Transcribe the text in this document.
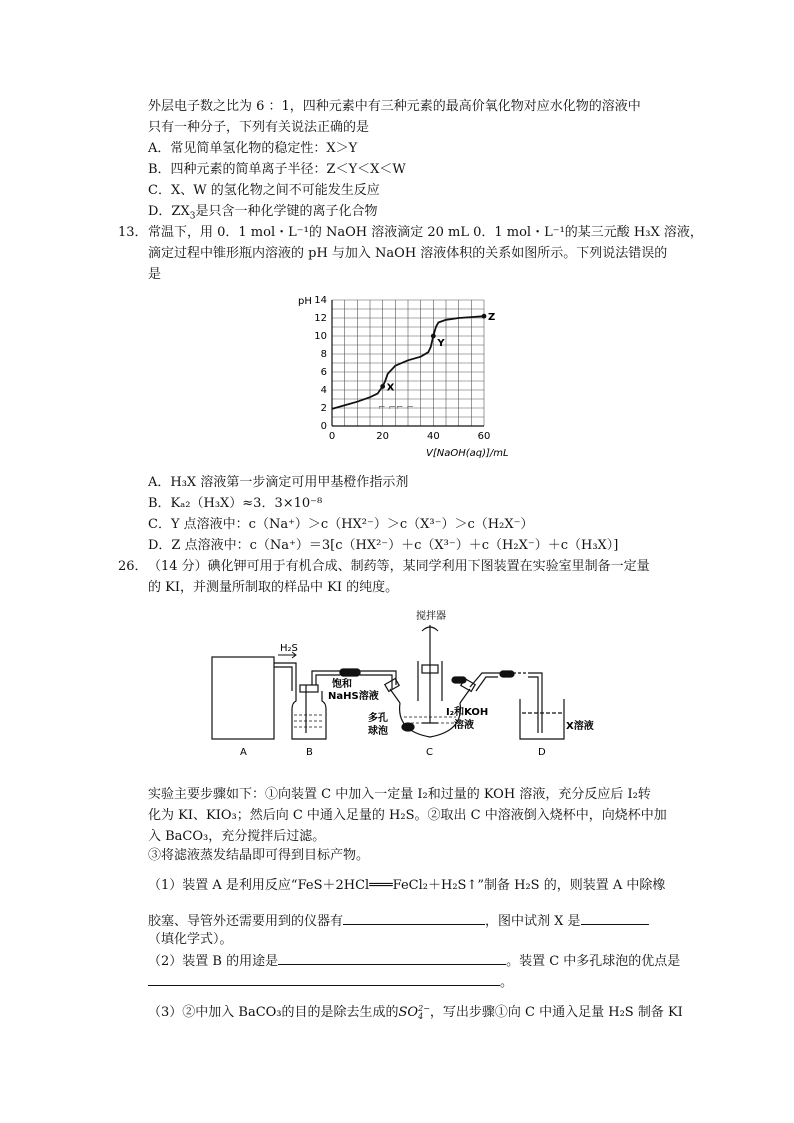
外层电子数之比为 6 ：1，四种元素中有三种元素的最高价氧化物对应水化物的溶液中
只有一种分子，下列有关说法正确的是
A．常见简单氢化物的稳定性：X＞Y
B．四种元素的简单离子半径：Z＜Y＜X＜W
C．X、W 的氢化物之间不可能发生反应
D．$ZX_3$是只含一种化学键的离子化合物
13． 常温下，用 0．1 mol・L⁻¹的 NaOH 溶液滴定 20 mL 0．1 mol・L⁻¹的某三元酸 H₃X 溶液，
滴定过程中锥形瓶内溶液的 pH 与加入 NaOH 溶液体积的关系如图所示。下列说法错误的
是
0
2
4
6
8
10
12
14
0	20	40	60
X
Y
Z
pH
V[NaOH(aq)]/mL
⌐ ⌐⌐ ⌐
A．H₃X 溶液第一步滴定可用甲基橙作指示剂
B．Kₐ₂（H₃X）≈3．3×10⁻⁸
C．Y 点溶液中：c（Na⁺）＞c（HX²⁻）＞c（X³⁻）＞c（H₂X⁻）
D．Z 点溶液中：c（Na⁺）＝3[c（HX²⁻）＋c（X³⁻）＋c（H₂X⁻）＋c（H₃X）]
26． （14 分）碘化钾可用于有机合成、制药等，某同学利用下图装置在实验室里制备一定量
的 KI，并测量所制取的样品中 KI 的纯度。
搅拌器
H₂S
饱和
NaHS溶液
I₂和KOH
溶液
多孔
球泡	X溶液
A	B	C	D
实验主要步骤如下：①向装置 C 中加入一定量 I₂和过量的 KOH 溶液，充分反应后 I₂转
化为 KI、KIO₃；然后向 C 中通入足量的 H₂S。②取出 C 中溶液倒入烧杯中，向烧杯中加
入 BaCO₃，充分搅拌后过滤。
③将滤液蒸发结晶即可得到目标产物。
（1）装置 A 是利用反应“FeS＋2HCl═══FeCl₂＋H₂S↑”制备 H₂S 的，则装置 A 中除橡
胶塞、导管外还需要用到的仪器有	，图中试剂 X 是
（填化学式）。
（2）装置 B 的用途是	。装置 C 中多孔球泡的优点是
。
（3）②中加入 BaCO₃的目的是除去生成的SO 2−
4 ，写出步骤①向 C 中通入足量 H₂S 制备 KI
